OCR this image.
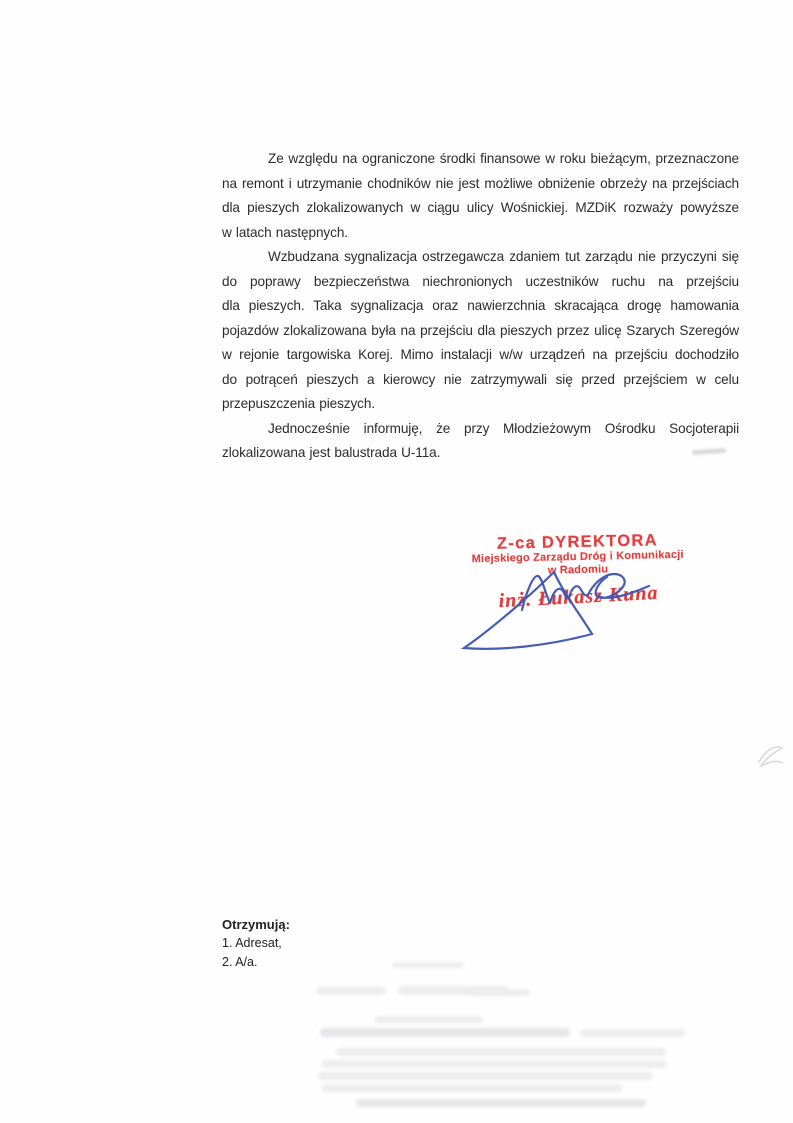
Ze względu na ograniczone środki finansowe w roku bieżącym, przeznaczone
na remont i utrzymanie chodników nie jest możliwe obniżenie obrzeży na przejściach
dla pieszych zlokalizowanych w ciągu ulicy Wośnickiej. MZDiK rozważy powyższe
w latach następnych.
Wzbudzana sygnalizacja ostrzegawcza zdaniem tut zarządu nie przyczyni się
do poprawy bezpieczeństwa niechronionych uczestników ruchu na przejściu
dla pieszych. Taka sygnalizacja oraz nawierzchnia skracająca drogę hamowania
pojazdów zlokalizowana była na przejściu dla pieszych przez ulicę Szarych Szeregów
w rejonie targowiska Korej. Mimo instalacji w/w urządzeń na przejściu dochodziło
do potrąceń pieszych a kierowcy nie zatrzymywali się przed przejściem w celu
przepuszczenia pieszych.
Jednocześnie informuję, że przy Młodzieżowym Ośrodku Socjoterapii
zlokalizowana jest balustrada U-11a.
Z-ca DYREKTORA
Miejskiego Zarządu Dróg i Komunikacji
w Radomiu
inż. Łukasz Kuna
Otrzymują:
1. Adresat,
2. A/a.
